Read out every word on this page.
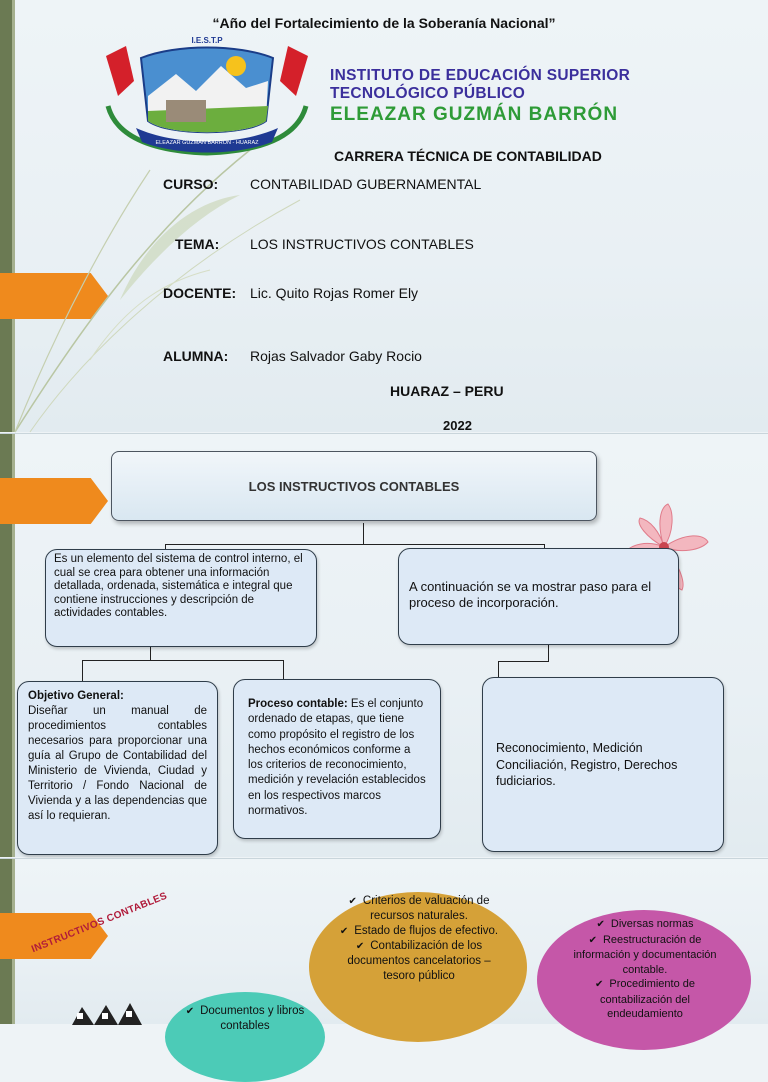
“Año del Fortalecimiento de la Soberanía Nacional”
I.E.S.T.P
ELEAZAR GUZMÁN BARRÓN - HUARAZ
INSTITUTO DE EDUCACIÓN SUPERIOR
TECNOLÓGICO PÚBLICO
ELEAZAR GUZMÁN BARRÓN
CARRERA TÉCNICA DE CONTABILIDAD
CURSO: CONTABILIDAD GUBERNAMENTAL
TEMA: LOS INSTRUCTIVOS CONTABLES
DOCENTE: Lic. Quito Rojas Romer Ely
ALUMNA: Rojas Salvador Gaby Rocio
HUARAZ – PERU
2022
LOS INSTRUCTIVOS CONTABLES
Es un elemento del sistema de control interno, el cual se crea para obtener una información detallada, ordenada, sistemática e integral que contiene instrucciones y descripción de actividades contables.
A continuación se va mostrar paso para el proceso de incorporación.
Objetivo General:
Diseñar un manual de procedimientos contables necesarios para proporcionar una guía al Grupo de Contabilidad del Ministerio de Vivienda, Ciudad y Territorio / Fondo Nacional de Vivienda y a las dependencias que así lo requieran.
Proceso contable: Es el conjunto ordenado de etapas, que tiene como propósito el registro de los hechos económicos conforme a los criterios de reconocimiento, medición y revelación establecidos en los respectivos marcos normativos.
Reconocimiento, Medición Conciliación, Registro, Derechos fudiciarios.
INSTRUCTIVOS CONTABLES
✔	Criterios de valuación de recursos naturales.
✔ Estado de flujos de efectivo.
✔ Contabilización de los documentos cancelatorios – tesoro público
✔ Diversas normas
✔ Reestructuración de información y documentación contable.
✔ Procedimiento de contabilización del endeudamiento
✔ Documentos y libros contables
